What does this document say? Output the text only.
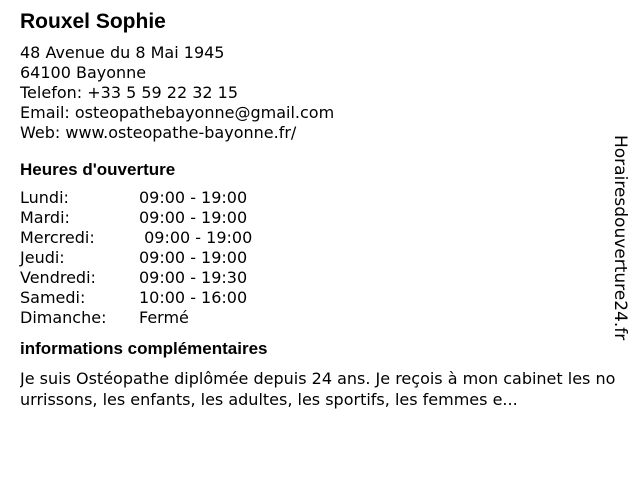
Rouxel Sophie
48 Avenue du 8 Mai 1945
64100 Bayonne
Telefon: +33 5 59 22 32 15
Email: osteopathebayonne@gmail.com
Web: www.osteopathe-bayonne.fr/
Heures d'ouverture
Lundi:	09:00 - 19:00
Mardi:	09:00 - 19:00
Mercredi:	09:00 - 19:00
Jeudi:	09:00 - 19:00
Vendredi:	09:00 - 19:30
Samedi:	10:00 - 16:00
Dimanche:	Fermé
informations complémentaires
Je suis Ostéopathe diplômée depuis 24 ans. Je reçois à mon cabinet les nourrissons, les enfants, les adultes, les sportifs, les femmes e...
Horairesdouverture24.fr
